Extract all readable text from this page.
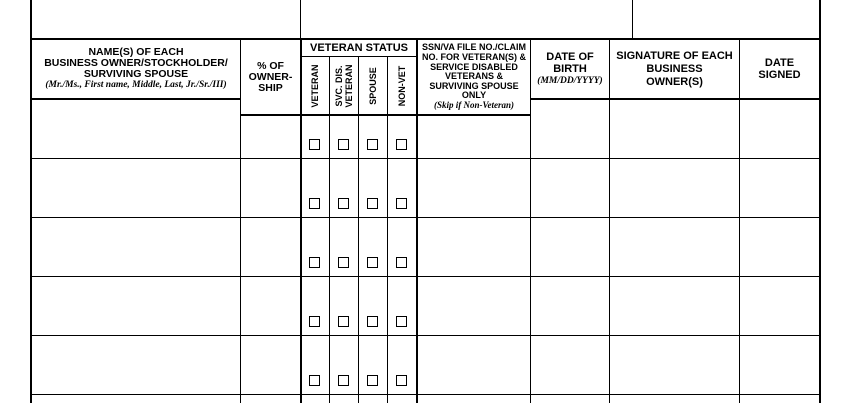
NAME(S) OF EACH
BUSINESS OWNER/STOCKHOLDER/
SURVIVING SPOUSE
(Mr./Ms., First name, Middle, Last, Jr./Sr./III)
% OF
OWNER-
SHIP
VETERAN STATUS
VETERAN SVC. DIS. VETERAN SPOUSE NON-VET
SSN/VA FILE NO./CLAIM
NO. FOR VETERAN(S) &
SERVICE DISABLED
VETERANS &
SURVIVING SPOUSE
ONLY
(Skip if Non-Veteran)
DATE OF
BIRTH
(MM/DD/YYYY)
SIGNATURE OF EACH
BUSINESS
OWNER(S)
DATE
SIGNED
